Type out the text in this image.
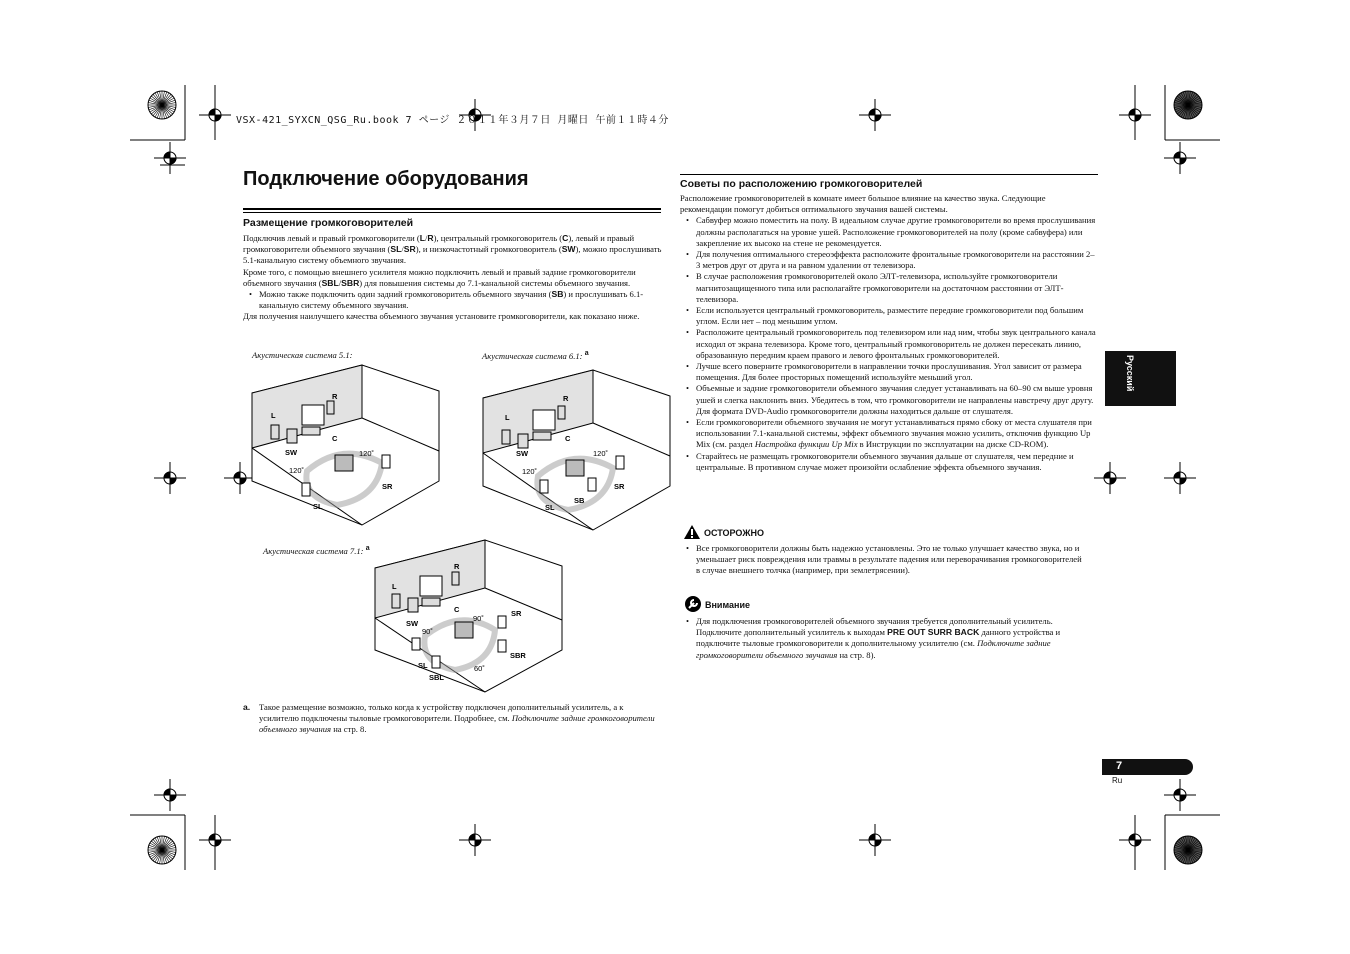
VSX-421_SYXCN_QSG_Ru.book 7 ページ ２０１１年３月７日 月曜日 午前１１時４分
Подключение оборудования
Размещение громкоговорителей

Подключив левый и правый громкоговорители (L/R), центральный громкоговоритель (C), левый и правый громкоговорители объемного звучания (SL/SR), и низкочастотный громкоговоритель (SW), можно прослушивать 5.1-канальную систему объемного звучания.

Кроме того, с помощью внешнего усилителя можно подключить левый и правый задние громкоговорители объемного звучания (SBL/SBR) для повышения системы до 7.1-канальной системы объемного звучания.

• Можно также подключить один задний громкоговоритель объемного звучания (SB) и прослушивать 6.1-канальную систему объемного звучания.

Для получения наилучшего качества объемного звучания установите громкоговорители, как показано ниже.

Акустическая система 5.1:	Акустическая система 6.1: $^a$
Акустическая система 7.1: $^a$
L
R
C
SW
SR
SL
120˚
120˚
L
R
C
SW
SR
SB
SL
120˚
120˚
L
R
C
SW
SR
SL
SBR
SBL
90˚
90˚
60˚
a. Такое размещение возможно, только когда к устройству подключен дополнительный усилитель, а к усилителю подключены тыловые громкоговорители. Подробнее, см. Подключите задние громкоговорители объемного звучания на стр. 8.
Советы по расположению громкоговорителей

Расположение громкоговорителей в комнате имеет большое влияние на качество звука. Следующие рекомендации помогут добиться оптимального звучания вашей системы.

• Сабвуфер можно поместить на полу. В идеальном случае другие громкоговорители во время прослушивания должны располагаться на уровне ушей. Расположение громкоговорителей на полу (кроме сабвуфера) или закрепление их высоко на стене не рекомендуется.
• Для получения оптимального стереоэффекта расположите фронтальные громкоговорители на расстоянии 2–3 метров друг от друга и на равном удалении от телевизора.
• В случае расположения громкоговорителей около ЭЛТ-телевизора, используйте громкоговорители магнитозащищенного типа или располагайте громкоговорители на достаточном расстоянии от ЭЛТ-телевизора.
• Если используется центральный громкоговоритель, разместите передние громкоговорители под большим углом. Если нет – под меньшим углом.
• Расположите центральный громкоговоритель под телевизором или над ним, чтобы звук центрального канала исходил от экрана телевизора. Кроме того, центральный громкоговоритель не должен пересекать линию, образованную передним краем правого и левого фронтальных громкоговорителей.
• Лучше всего поверните громкоговорители в направлении точки прослушивания. Угол зависит от размера помещения. Для более просторных помещений используйте меньший угол.
• Объемные и задние громкоговорители объемного звучания следует устанавливать на 60–90 см выше уровня ушей и слегка наклонить вниз. Убедитесь в том, что громкоговорители не направлены навстречу друг другу. Для формата DVD-Audio громкоговорители должны находиться дальше от слушателя.
• Если громкоговорители объемного звучания не могут устанавливаться прямо сбоку от места слушателя при использовании 7.1-канальной системы, эффект объемного звучания можно усилить, отключив функцию Up Mix (см. раздел Настройка функции Up Mix в Инструкции по эксплуатации на диске CD-ROM).
• Старайтесь не размещать громкоговорители объемного звучания дальше от слушателя, чем передние и центральные. В противном случае может произойти ослабление эффекта объемного звучания.
ОСТОРОЖНО
• Все громкоговорители должны быть надежно установлены. Это не только улучшает качество звука, но и уменьшает риск повреждения или травмы в результате падения или переворачивания громкоговорителей в случае внешнего толчка (например, при землетрясении).
Внимание
• Для подключения громкоговорителей объемного звучания требуется дополнительный усилитель. Подключите дополнительный усилитель к выходам PRE OUT SURR BACK данного устройства и подключите тыловые громкоговорители к дополнительному усилителю (см. Подключите задние громкоговорители объемного звучания на стр. 8).
Русский
7
Ru
